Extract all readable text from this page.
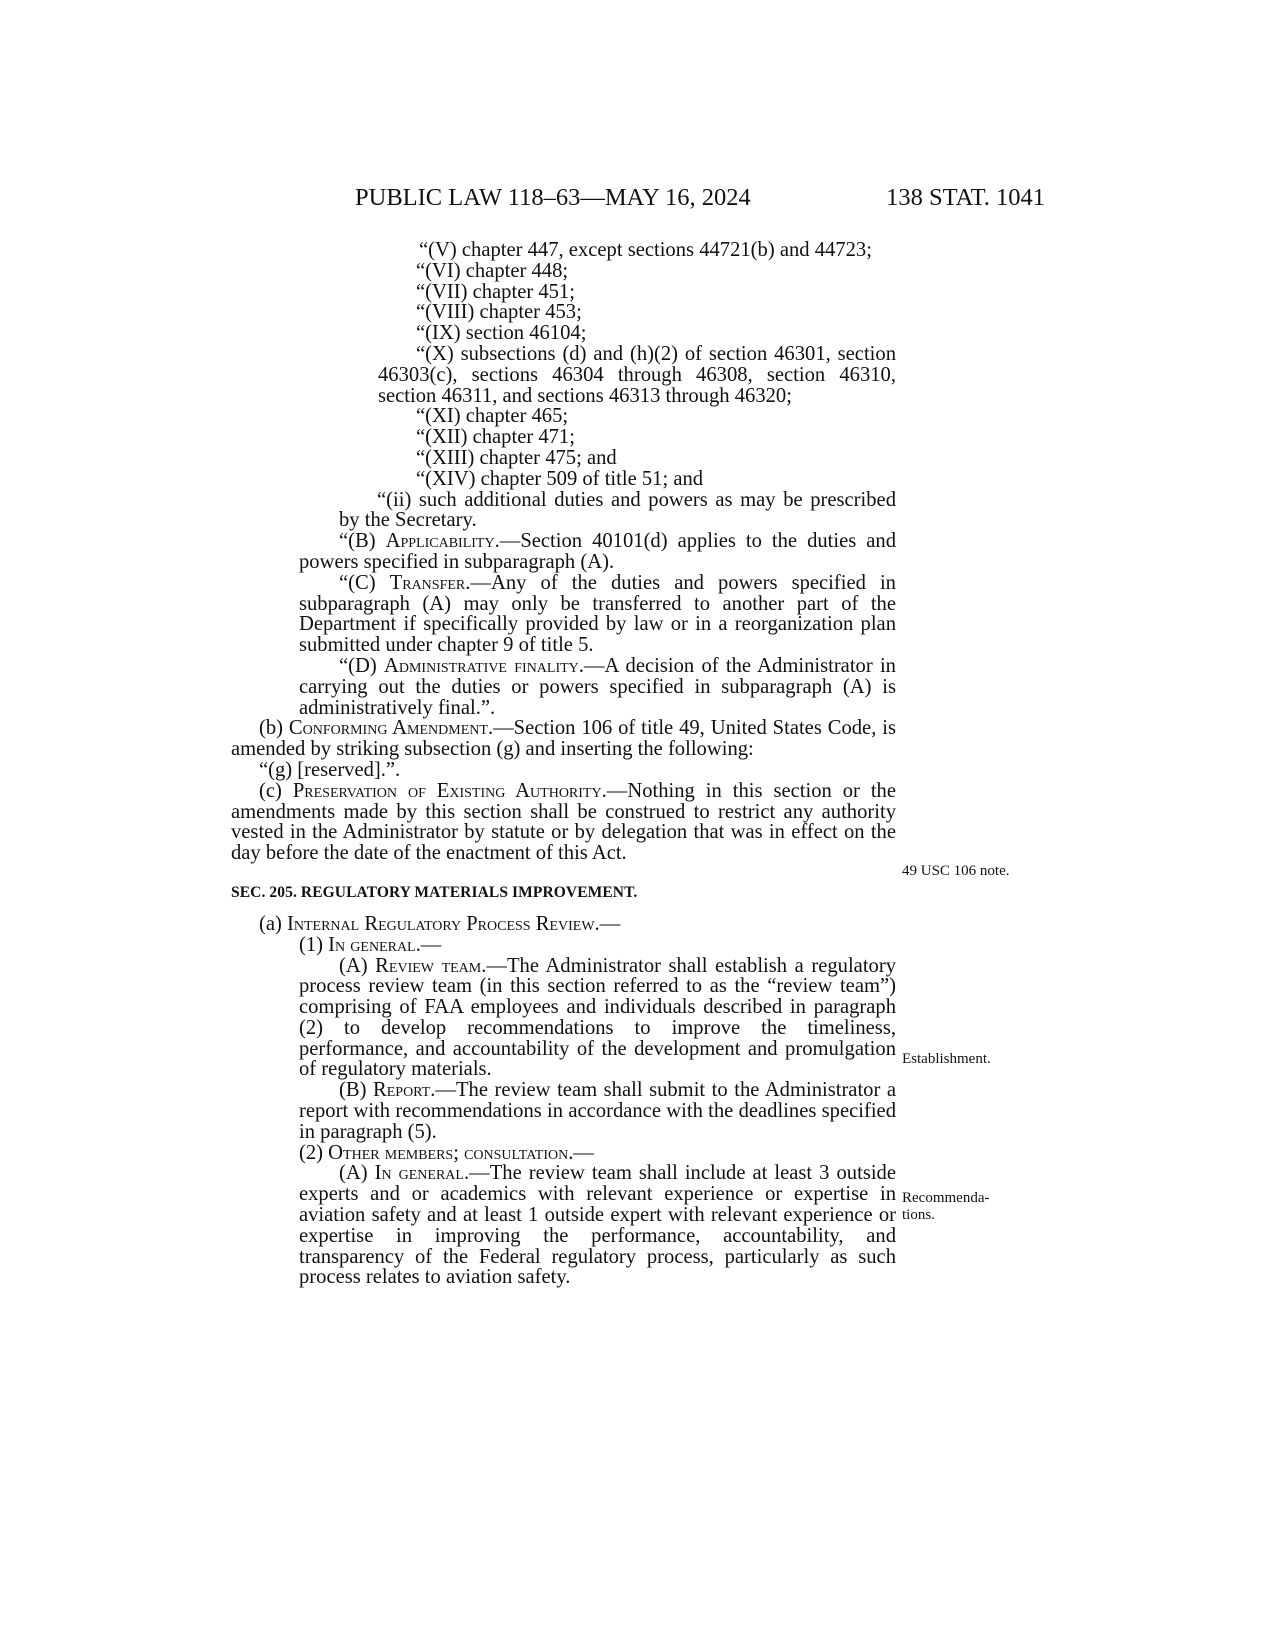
PUBLIC LAW 118–63—MAY 16, 2024	138 STAT. 1041

“(V) chapter 447, except sections 44721(b) and 44723;

“(VI) chapter 448;

“(VII) chapter 451;

“(VIII) chapter 453;

“(IX) section 46104;

“(X) subsections (d) and (h)(2) of section 46301, section 46303(c), sections 46304 through 46308, section 46310, section 46311, and sections 46313 through 46320;

“(XI) chapter 465;

“(XII) chapter 471;

“(XIII) chapter 475; and

“(XIV) chapter 509 of title 51; and

“(ii) such additional duties and powers as may be prescribed by the Secretary.

“(B) Applicability.—Section 40101(d) applies to the duties and powers specified in subparagraph (A).

“(C) Transfer.—Any of the duties and powers specified in subparagraph (A) may only be transferred to another part of the Department if specifically provided by law or in a reorganization plan submitted under chapter 9 of title 5.

“(D) Administrative finality.—A decision of the Administrator in carrying out the duties or powers specified in subparagraph (A) is administratively final.”.

(b) Conforming Amendment.—Section 106 of title 49, United States Code, is amended by striking subsection (g) and inserting the following:

“(g) [reserved].”.

(c) Preservation of Existing Authority.—Nothing in this section or the amendments made by this section shall be construed to restrict any authority vested in the Administrator by statute or by delegation that was in effect on the day before the date of the enactment of this Act.

SEC. 205. REGULATORY MATERIALS IMPROVEMENT.

(a) Internal Regulatory Process Review.—

(1) In general.—

(A) Review team.—The Administrator shall establish a regulatory process review team (in this section referred to as the “review team”) comprising of FAA employees and individuals described in paragraph (2) to develop recommendations to improve the timeliness, performance, and accountability of the development and promulgation of regulatory materials.

(B) Report.—The review team shall submit to the Administrator a report with recommendations in accordance with the deadlines specified in paragraph (5).

(2) Other members; consultation.—

(A) In general.—The review team shall include at least 3 outside experts and or academics with relevant experience or expertise in aviation safety and at least 1 outside expert with relevant experience or expertise in improving the performance, accountability, and transparency of the Federal regulatory process, particularly as such process relates to aviation safety.

49 USC 106 note.
Establishment.
Recommenda-
tions.
